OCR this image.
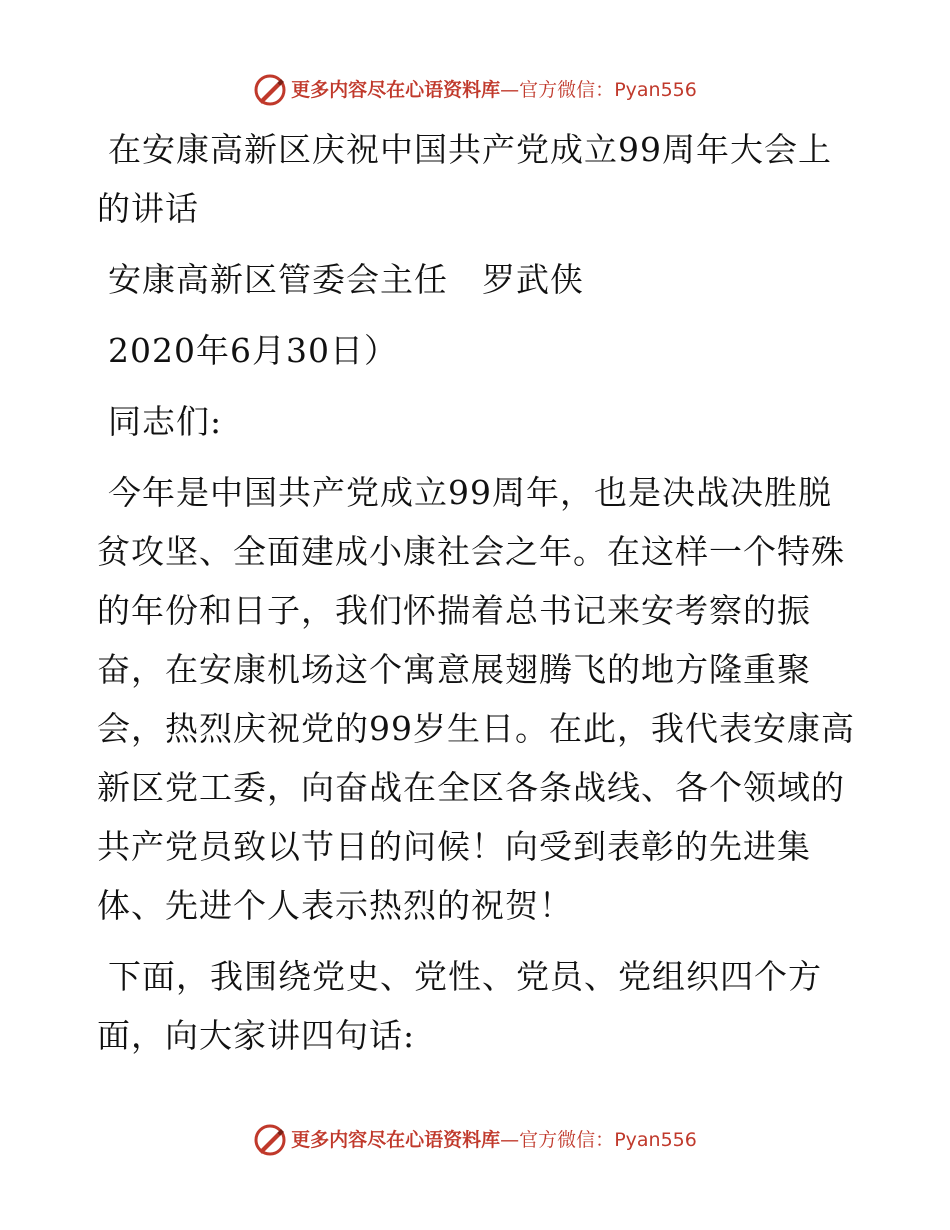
更多内容尽在心语资料库 — 官方微信： Pyan556

在安康高新区庆祝中国共产党成立99周年大会上的讲话

安康高新区管委会主任　罗武侠

2020年6月30日）

同志们:

今年是中国共产党成立99周年，也是决战决胜脱贫攻坚、全面建成小康社会之年。在这样一个特殊的年份和日子，我们怀揣着总书记来安考察的振奋，在安康机场这个寓意展翅腾飞的地方隆重聚会，热烈庆祝党的99岁生日。在此，我代表安康高新区党工委，向奋战在全区各条战线、各个领域的共产党员致以节日的问候！向受到表彰的先进集体、先进个人表示热烈的祝贺！

下面，我围绕党史、党性、党员、党组织四个方面，向大家讲四句话:

更多内容尽在心语资料库 — 官方微信： Pyan556
